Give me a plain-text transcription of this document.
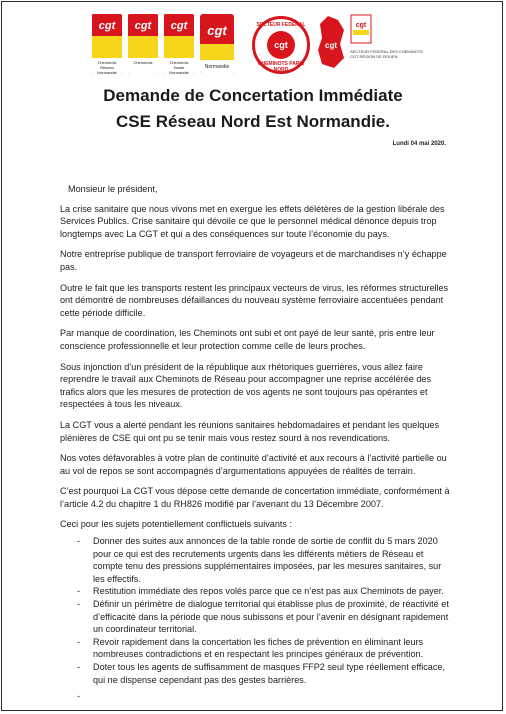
cgt
Cheminots Réseau Normandie
cgt
Cheminots
cgt
Cheminots Haute Normandie
cgt
Normandie
SECTEUR FEDERAL
cgt
CHEMINOTS PARIS NORD
cgt
cgt
SECTEUR FEDERAL DES CHEMINOTS CGT RÉGION DE ROUEN
Demande de Concertation Immédiate
CSE Réseau Nord Est Normandie.
Lundi 04 mai 2020.
Monsieur le président,

La crise sanitaire que nous vivons met en exergue les effets délétères de la gestion libérale des Services Publics. Crise sanitaire qui dévoile ce que le personnel médical dénonce depuis trop longtemps avec La CGT et qui a des conséquences sur toute l’économie du pays.

Notre entreprise publique de transport ferroviaire de voyageurs et de marchandises n’y échappe pas.

Outre le fait que les transports restent les principaux vecteurs de virus, les réformes structurelles ont démontré de nombreuses défaillances du nouveau système ferroviaire accentuées pendant cette période difficile.

Par manque de coordination, les Cheminots ont subi et ont payé de leur santé, pris entre leur conscience professionnelle et leur protection comme celle de leurs proches.

Sous injonction d’un président de la république aux rhétoriques guerrières, vous allez faire reprendre le travail aux Cheminots de Réseau pour accompagner une reprise accélérée des trafics alors que les mesures de protection de vos agents ne sont toujours pas opérantes et respectées à tous les niveaux.

La CGT vous a alerté pendant les réunions sanitaires hebdomadaires et pendant les quelques plénières de CSE qui ont pu se tenir mais vous restez sourd à nos revendications.

Nos votes défavorables à votre plan de continuité d’activité et aux recours à l’activité partielle ou au vol de repos se sont accompagnés d’argumentations appuyées de réalités de terrain.

C’est pourquoi La CGT vous dépose cette demande de concertation immédiate, conformément à l’article 4.2 du chapitre 1 du RH826 modifié par l’avenant du 13 Décembre 2007.

Ceci pour les sujets potentiellement conflictuels suivants :

- Donner des suites aux annonces de la table ronde de sortie de conflit du 5 mars 2020 pour ce qui est des recrutements urgents dans les différents métiers de Réseau et compte tenu des pressions supplémentaires imposées, par les mesures sanitaires, sur les effectifs.
- Restitution immédiate des repos volés parce que ce n’est pas aux Cheminots de payer.
- Définir un périmètre de dialogue territorial qui établisse plus de proximité, de réactivité et d’efficacité dans la période que nous subissons et pour l’avenir en désignant rapidement un coordinateur territorial.
- Revoir rapidement dans la concertation les fiches de prévention en éliminant leurs nombreuses contradictions et en respectant les principes généraux de prévention.
- Doter tous les agents de suffisamment de masques FFP2 seul type réellement efficace, qui ne dispense cependant pas des gestes barrières.
-
